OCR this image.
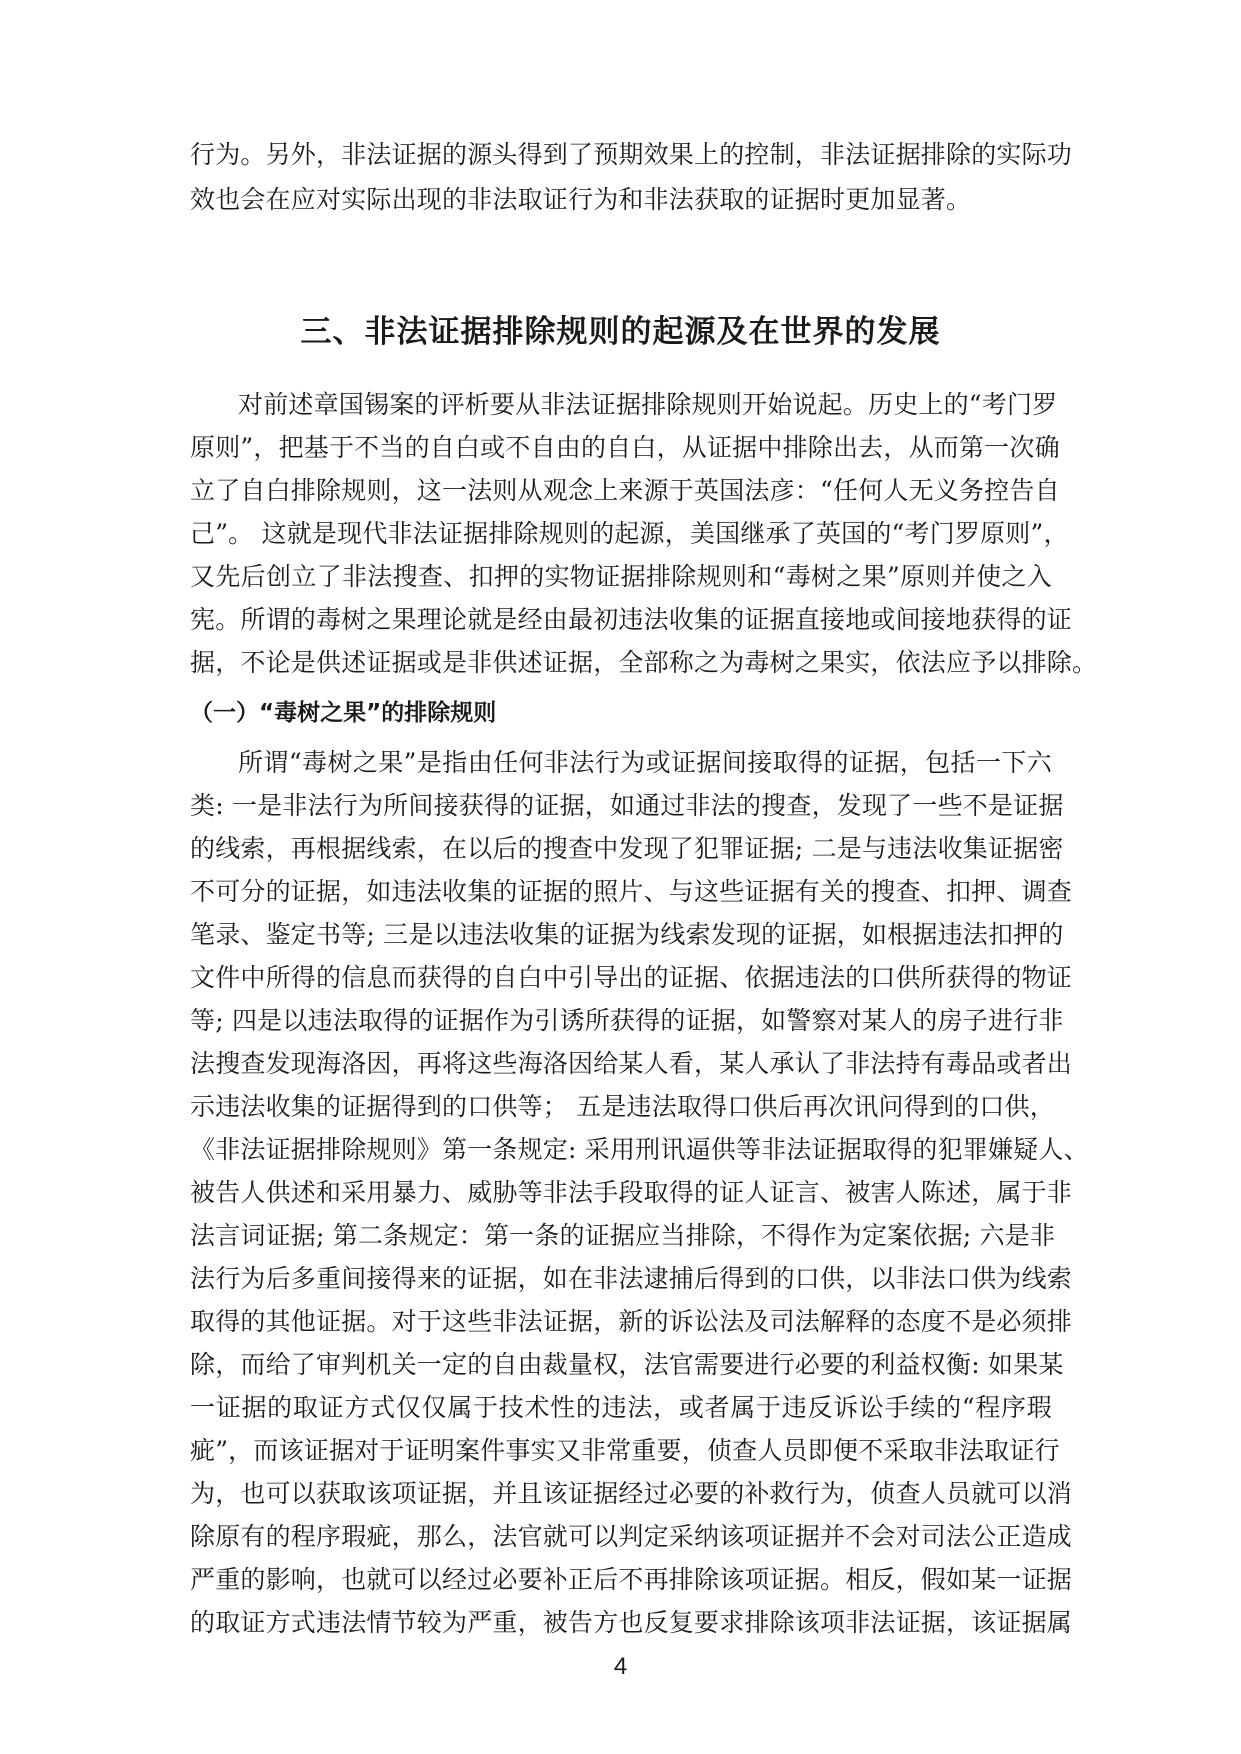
行为。另外，非法证据的源头得到了预期效果上的控制，非法证据排除的实际功
效也会在应对实际出现的非法取证行为和非法获取的证据时更加显著。
三、非法证据排除规则的起源及在世界的发展
对前述章国锡案的评析要从非法证据排除规则开始说起。历史上的“考门罗
原则”，把基于不当的自白或不自由的自白，从证据中排除出去，从而第一次确
立了自白排除规则，这一法则从观念上来源于英国法彦：“任何人无义务控告自
己”。 这就是现代非法证据排除规则的起源，美国继承了英国的“考门罗原则”，
又先后创立了非法搜查、扣押的实物证据排除规则和“毒树之果”原则并使之入
宪。所谓的毒树之果理论就是经由最初违法收集的证据直接地或间接地获得的证
据，不论是供述证据或是非供述证据，全部称之为毒树之果实，依法应予以排除。
（一）“毒树之果”的排除规则
所谓“毒树之果”是指由任何非法行为或证据间接取得的证据，包括一下六
类: 一是非法行为所间接获得的证据，如通过非法的搜查，发现了一些不是证据
的线索，再根据线索，在以后的搜查中发现了犯罪证据; 二是与违法收集证据密
不可分的证据，如违法收集的证据的照片、与这些证据有关的搜查、扣押、调查
笔录、鉴定书等; 三是以违法收集的证据为线索发现的证据，如根据违法扣押的
文件中所得的信息而获得的自白中引导出的证据、依据违法的口供所获得的物证
等; 四是以违法取得的证据作为引诱所获得的证据，如警察对某人的房子进行非
法搜查发现海洛因，再将这些海洛因给某人看，某人承认了非法持有毒品或者出
示违法收集的证据得到的口供等； 五是违法取得口供后再次讯问得到的口供，
《非法证据排除规则》第一条规定: 采用刑讯逼供等非法证据取得的犯罪嫌疑人、
被告人供述和采用暴力、威胁等非法手段取得的证人证言、被害人陈述，属于非
法言词证据; 第二条规定：第一条的证据应当排除，不得作为定案依据; 六是非
法行为后多重间接得来的证据，如在非法逮捕后得到的口供，以非法口供为线索
取得的其他证据。对于这些非法证据，新的诉讼法及司法解释的态度不是必须排
除，而给了审判机关一定的自由裁量权，法官需要进行必要的利益权衡: 如果某
一证据的取证方式仅仅属于技术性的违法，或者属于违反诉讼手续的“程序瑕
疵”，而该证据对于证明案件事实又非常重要，侦查人员即便不采取非法取证行
为，也可以获取该项证据，并且该证据经过必要的补救行为，侦查人员就可以消
除原有的程序瑕疵，那么，法官就可以判定采纳该项证据并不会对司法公正造成
严重的影响，也就可以经过必要补正后不再排除该项证据。相反，假如某一证据
的取证方式违法情节较为严重，被告方也反复要求排除该项非法证据，该证据属
4
